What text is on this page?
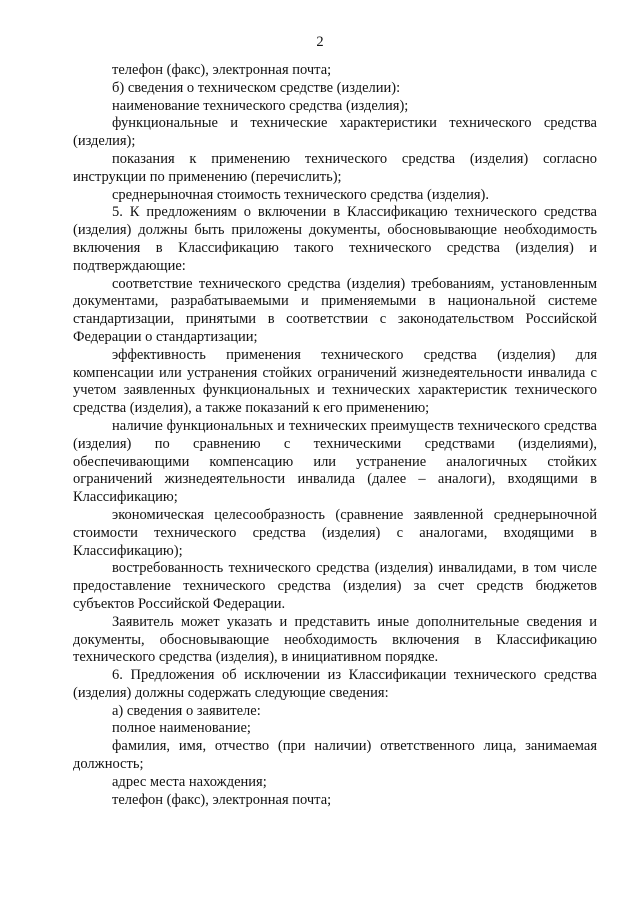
2

телефон (факс), электронная почта;

б) сведения о техническом средстве (изделии):

наименование технического средства (изделия);

функциональные и технические характеристики технического средства (изделия);

показания к применению технического средства (изделия) согласно инструкции по применению (перечислить);

среднерыночная стоимость технического средства (изделия).

5. К предложениям о включении в Классификацию технического средства (изделия) должны быть приложены документы, обосновывающие необходимость включения в Классификацию такого технического средства (изделия) и подтверждающие:

соответствие технического средства (изделия) требованиям, установленным документами, разрабатываемыми и применяемыми в национальной системе стандартизации, принятыми в соответствии с законодательством Российской Федерации о стандартизации;

эффективность применения технического средства (изделия) для компенсации или устранения стойких ограничений жизнедеятельности инвалида с учетом заявленных функциональных и технических характеристик технического средства (изделия), а также показаний к его применению;

наличие функциональных и технических преимуществ технического средства (изделия) по сравнению с техническими средствами (изделиями), обеспечивающими компенсацию или устранение аналогичных стойких ограничений жизнедеятельности инвалида (далее – аналоги), входящими в Классификацию;

экономическая целесообразность (сравнение заявленной среднерыночной стоимости технического средства (изделия) с аналогами, входящими в Классификацию);

востребованность технического средства (изделия) инвалидами, в том числе предоставление технического средства (изделия) за счет средств бюджетов субъектов Российской Федерации.

Заявитель может указать и представить иные дополнительные сведения и документы, обосновывающие необходимость включения в Классификацию технического средства (изделия), в инициативном порядке.

6. Предложения об исключении из Классификации технического средства (изделия) должны содержать следующие сведения:

а) сведения о заявителе:

полное наименование;

фамилия, имя, отчество (при наличии) ответственного лица, занимаемая должность;

адрес места нахождения;

телефон (факс), электронная почта;
